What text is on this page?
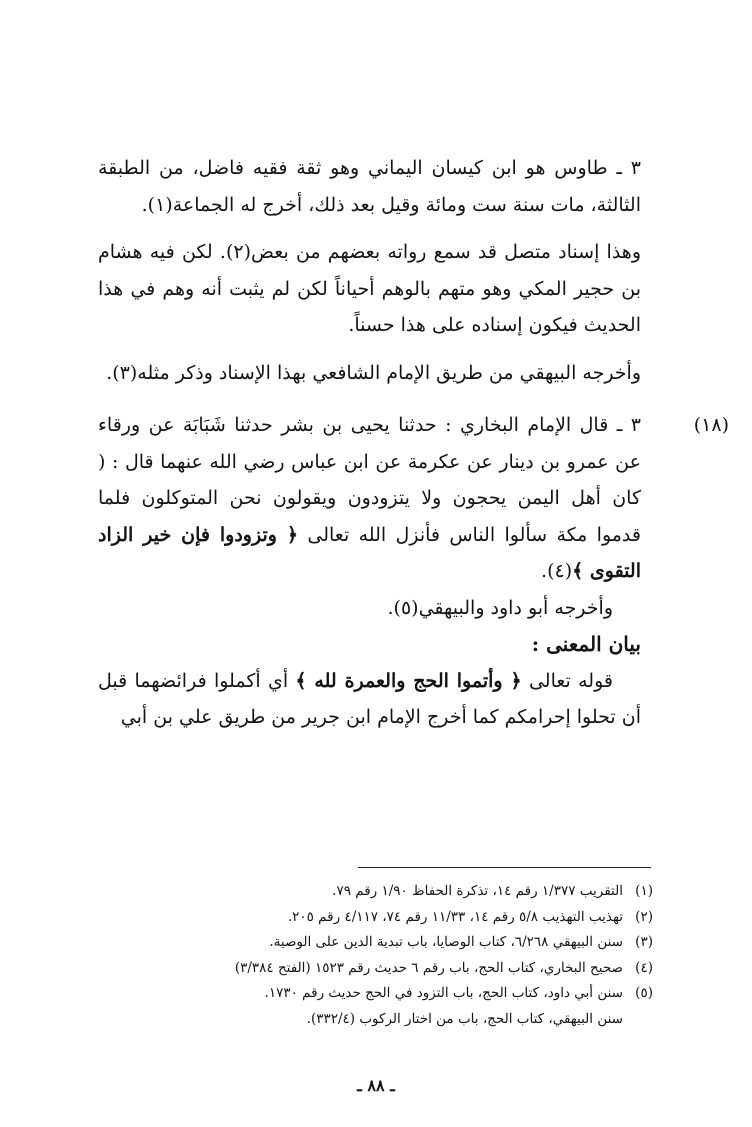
٣ ـ طاوس هو ابن كيسان اليماني وهو ثقة فقيه فاضل، من الطبقة الثالثة، مات سنة ست ومائة وقيل بعد ذلك، أخرج له الجماعة(١).

وهذا إسناد متصل قد سمع رواته بعضهم من بعض(٢). لكن فيه هشام بن حجير المكي وهو متهم بالوهم أحياناً لكن لم يثبت أنه وهم في هذا الحديث فيكون إسناده على هذا حسناً.

وأخرجه البيهقي من طريق الإمام الشافعي بهذا الإسناد وذكر مثله(٣).

(١٨)

٣ ـ قال الإمام البخاري : حدثنا يحيى بن بشر حدثنا شَبَابَة عن ورقاء عن عمرو بن دينار عن عكرمة عن ابن عباس رضي الله عنهما قال : ( كان أهل اليمن يحجون ولا يتزودون ويقولون نحن المتوكلون فلما قدموا مكة سألوا الناس فأنزل الله تعالى ﴿ وتزودوا فإن خير الزاد التقوى ﴾(٤).

وأخرجه أبو داود والبيهقي(٥).

بيان المعنى :

قوله تعالى ﴿ وأتموا الحج والعمرة لله ﴾ أي أكملوا فرائضهما قبل أن تحلوا إحرامكم كما أخرج الإمام ابن جرير من طريق علي بن أبي

(١)التقريب ١/٣٧٧ رقم ١٤، تذكرة الحفاظ ١/٩٠ رقم ٧٩.
(٢)تهذيب التهذيب ٥/٨ رقم ١٤، ١١/٣٣ رقم ٧٤، ٤/١١٧ رقم ٢٠٥.
(٣)سنن البيهقي ٦/٢٦٨، كتاب الوصايا، باب تبدية الدين على الوصية.
(٤)صحيح البخاري، كتاب الحج، باب رقم ٦ حديث رقم ١٥٢٣ (الفتح ٣/٣٨٤)
(٥)سنن أبي داود، كتاب الحج، باب التزود في الحج حديث رقم ١٧٣٠.
سنن البيهقي، كتاب الحج، باب من اختار الركوب (٣٣٢/٤).
ـ ٨٨ ـ
